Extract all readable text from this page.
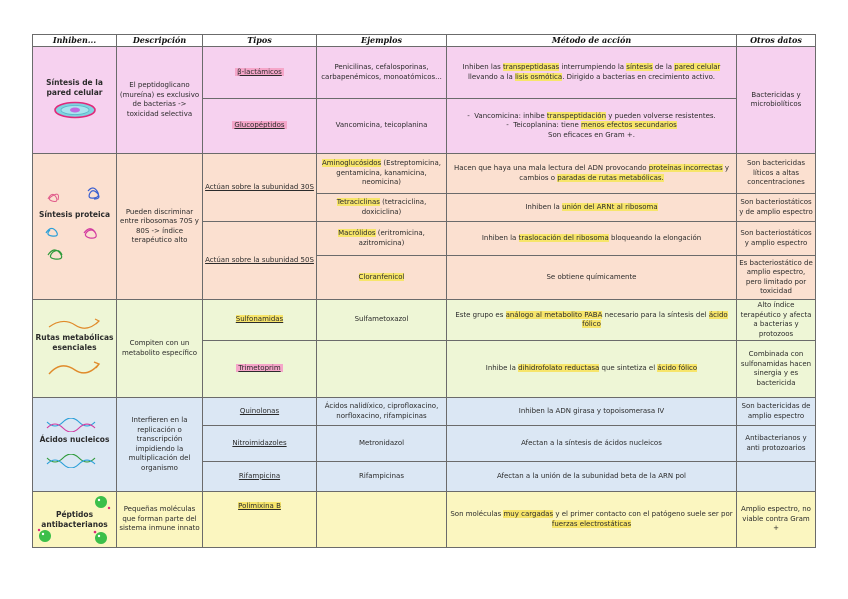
Inhiben...	Descripción	Tipos	Ejemplos	Método de acción	Otros datos

Síntesis de la pared celular	El peptidoglicano (mureína) es exclusivo de bacterias -> toxicidad selectiva	β-lactámicos	Penicilinas, cefalosporinas, carbapenémicos, monoatómicos...	Inhiben las transpeptidasas interrumpiendo la síntesis de la pared celular llevando a la lisis osmótica. Dirigido a bacterias en crecimiento activo.	Bactericidas y microbiolíticos
		Glucopéptidos	Vancomicina, teicoplanina	-  Vancomicina: inhibe transpeptidación y pueden volverse resistentes.
-  Teicoplanina: tiene menos efectos secundarios
Son eficaces en Gram +.	

Síntesis proteica	Pueden discriminar entre ribosomas 70S y 80S -> índice terapéutico alto	Actúan sobre la subunidad 30S	Aminoglucósidos (Estreptomicina, gentamicina, kanamicina, neomicina)	Hacen que haya una mala lectura del ADN provocando proteínas incorrectas y cambios o paradas de rutas metabólicas.	Son bactericidas líticos a altas concentraciones
			Tetraciclinas (tetraciclina, doxiciclina)	Inhiben la unión del ARNt al ribosoma	Son bacteriostáticos y de amplio espectro
		Actúan sobre la subunidad 50S	Macrólidos (eritromicina, azitromicina)	Inhiben la traslocación del ribosoma bloqueando la elongación	Son bacteriostáticos y amplio espectro
			Cloranfenicol	Se obtiene químicamente	Es bacteriostático de amplio espectro, pero limitado por toxicidad

Rutas metabólicas esenciales	Compiten con un metabolito específico	Sulfonamidas	Sulfametoxazol	Este grupo es análogo al metabolito PABA necesario para la síntesis del ácido fólico	Alto índice terapéutico y afecta a bacterias y protozoos
		Trimetoprim		Inhibe la dihidrofolato reductasa que sintetiza el ácido fólico	Combinada con sulfonamidas hacen sinergia y es bactericida

Ácidos nucleicos	Interfieren en la replicación o transcripción impidiendo la multiplicación del organismo	Quinolonas	Ácidos nalidíxico, ciprofloxacino, norfloxacino, rifampicinas	Inhiben la ADN girasa y topoisomerasa IV	Son bactericidas de amplio espectro
		Nitroimidazoles	Metronidazol	Afectan a la síntesis de ácidos nucleicos	Antibacterianos y anti protozoarios
		Rifampicina	Rifampicinas	Afectan a la unión de la subunidad beta de la ARN pol	

Péptidos antibacterianos	Pequeñas moléculas que forman parte del sistema inmune innato	Polimixina B		Son moléculas muy cargadas y el primer contacto con el patógeno suele ser por fuerzas electrostáticas	Amplio espectro, no viable contra Gram +
